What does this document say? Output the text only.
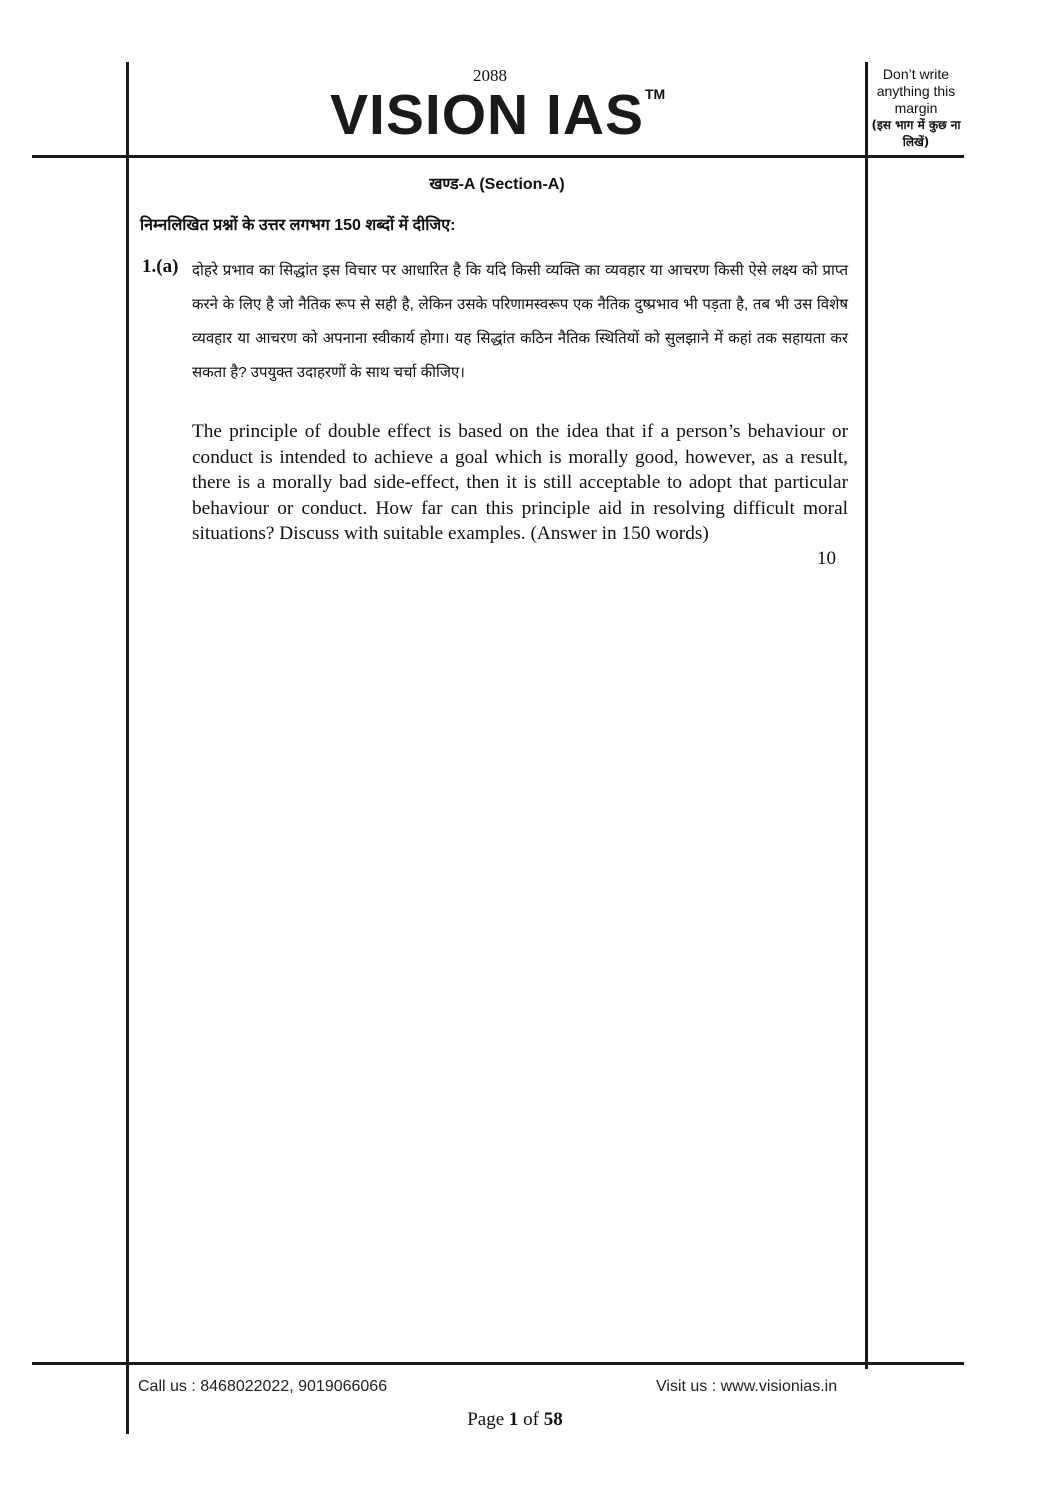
2088
VISION IAS TM
Don’t write anything this margin
(इस भाग में कुछ ना लिखें)
खण्ड-A (Section-A)
निम्नलिखित प्रश्नों के उत्तर लगभग 150 शब्दों में दीजिए:
1.(a) दोहरे प्रभाव का सिद्धांत इस विचार पर आधारित है कि यदि किसी व्यक्ति का व्यवहार या आचरण किसी ऐसे लक्ष्य को प्राप्त करने के लिए है जो नैतिक रूप से सही है, लेकिन उसके परिणामस्वरूप एक नैतिक दुष्प्रभाव भी पड़ता है, तब भी उस विशेष व्यवहार या आचरण को अपनाना स्वीकार्य होगा। यह सिद्धांत कठिन नैतिक स्थितियों को सुलझाने में कहां तक सहायता कर सकता है? उपयुक्त उदाहरणों के साथ चर्चा कीजिए।
The principle of double effect is based on the idea that if a person’s behaviour or conduct is intended to achieve a goal which is morally good, however, as a result, there is a morally bad side-effect, then it is still acceptable to adopt that particular behaviour or conduct. How far can this principle aid in resolving difficult moral situations? Discuss with suitable examples. (Answer in 150 words)
10
Call us : 8468022022, 9019066066	Visit us : www.visionias.in
Page 1 of 58
